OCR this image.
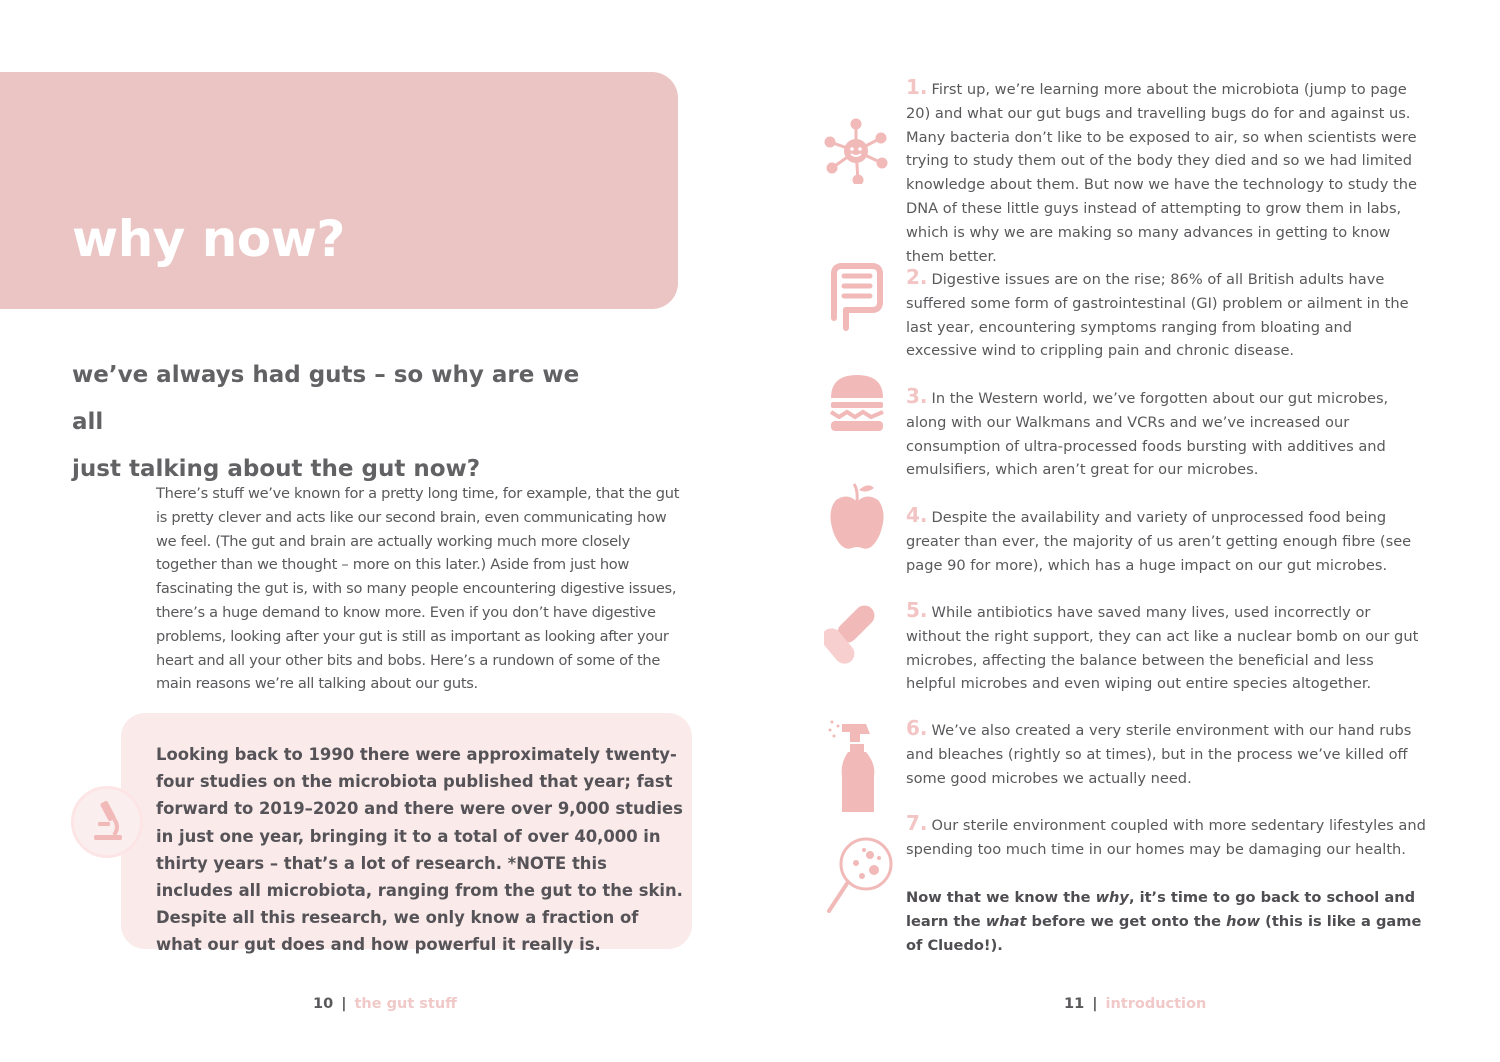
why now?
we’ve always had guts – so why are we all
just talking about the gut now?
There’s stuff we’ve known for a pretty long time, for example, that the gut is pretty clever and acts like our second brain, even communicating how we feel. (The gut and brain are actually working much more closely together than we thought – more on this later.) Aside from just how fascinating the gut is, with so many people encountering digestive issues, there’s a huge demand to know more. Even if you don’t have digestive problems, looking after your gut is still as important as looking after your heart and all your other bits and bobs. Here’s a rundown of some of the main reasons we’re all talking about our guts.
Looking back to 1990 there were approximately twenty-four studies on the microbiota published that year; fast forward to 2019–2020 and there were over 9,000 studies in just one year, bringing it to a total of over 40,000 in thirty years – that’s a lot of research. *NOTE this includes all microbiota, ranging from the gut to the skin. Despite all this research, we only know a fraction of what our gut does and how powerful it really is.
10 | the gut stuff
1. First up, we’re learning more about the microbiota (jump to page 20) and what our gut bugs and travelling bugs do for and against us. Many bacteria don’t like to be exposed to air, so when scientists were trying to study them out of the body they died and so we had limited knowledge about them. But now we have the technology to study the DNA of these little guys instead of attempting to grow them in labs, which is why we are making so many advances in getting to know them better.
2. Digestive issues are on the rise; 86% of all British adults have suffered some form of gastrointestinal (GI) problem or ailment in the last year, encountering symptoms ranging from bloating and excessive wind to crippling pain and chronic disease.
3. In the Western world, we’ve forgotten about our gut microbes, along with our Walkmans and VCRs and we’ve increased our consumption of ultra-processed foods bursting with additives and emulsifiers, which aren’t great for our microbes.
4. Despite the availability and variety of unprocessed food being greater than ever, the majority of us aren’t getting enough fibre (see page 90 for more), which has a huge impact on our gut microbes.
5. While antibiotics have saved many lives, used incorrectly or without the right support, they can act like a nuclear bomb on our gut microbes, affecting the balance between the beneficial and less helpful microbes and even wiping out entire species altogether.
6. We’ve also created a very sterile environment with our hand rubs and bleaches (rightly so at times), but in the process we’ve killed off some good microbes we actually need.
7. Our sterile environment coupled with more sedentary lifestyles and spending too much time in our homes may be damaging our health.
Now that we know the why, it’s time to go back to school and learn the what before we get onto the how (this is like a game of Cluedo!).
11 | introduction
